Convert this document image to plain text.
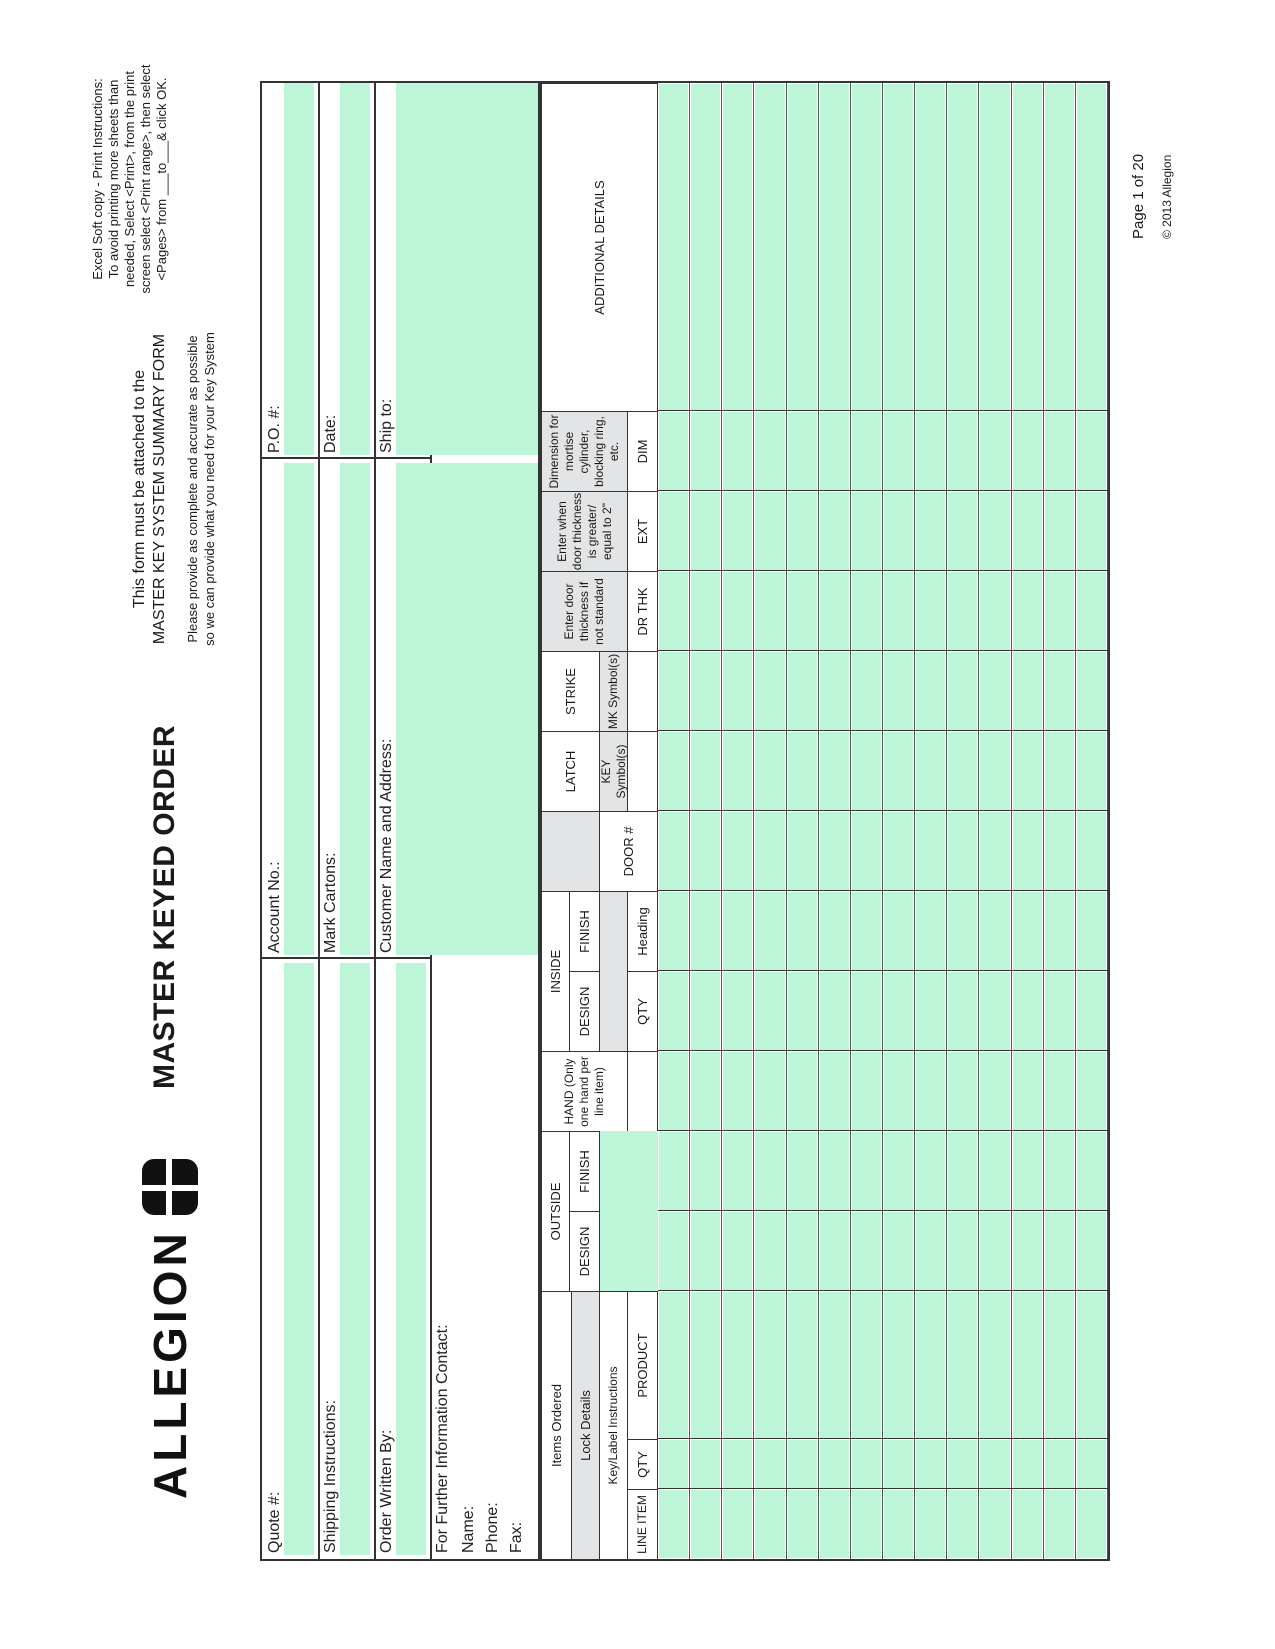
ALLEGION
MASTER KEYED ORDER
This form must be attached to the MASTER KEY SYSTEM SUMMARY FORM Please provide as complete and accurate as possible so we can provide what you need for your Key System
Excel Soft copy - Print Instructions: To avoid printing more sheets than needed, Select <Print>, from the print screen select <Print range>, then select <Pages> from ___to___& click OK.
Quote #:
Account No.:
P.O. #:
Shipping Instructions:
Mark Cartons:
Date:
Order Written By:
Customer Name and Address:
Ship to:
For Further Information Contact: Name: Phone: Fax:
Items Ordered	Lock Details	Key/Label Instructions
OUTSIDE
DESIGN
FINISH
HAND (Only one hand per line item)
INSIDE
DESIGN
FINISH
LATCH
STRIKE
KEY Symbol(s)
MK Symbol(s)
Enter door thickness if not standard
Enter when door thickness is greater/ equal to 2"
Dimension for mortise cylinder, blocking ring, etc.
ADDITIONAL DETAILS
LINE ITEM
QTY
PRODUCT
QTY
Heading
DOOR #
DR THK
EXT
DIM
Page 1 of 20 © 2013 Allegion
